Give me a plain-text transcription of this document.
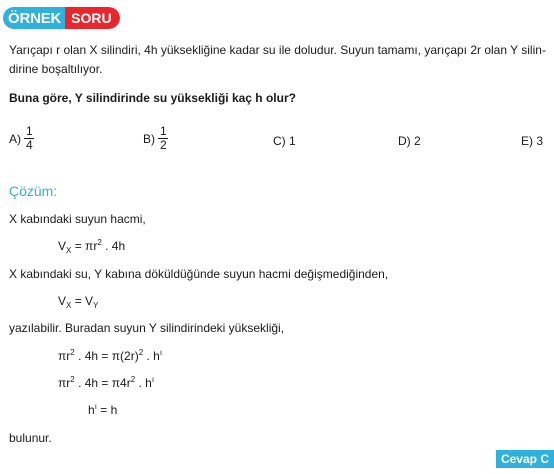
ÖRNEK SORU
Yarıçapı r olan X silindiri, 4h yüksekliğine kadar su ile doludur. Suyun tamamı, yarıçapı 2r olan Y silin-
dirine boşaltılıyor.
Buna göre, Y silindirinde su yüksekliği kaç h olur?
$A) \frac{1}{4}$	$B) \frac{1}{2}$	C) 1	D) 2	E) 3
Çözüm:
X kabındaki suyun hacmi,
$V_X = \pi r^2$ . 4h
X kabındaki su, Y kabına döküldüğünde suyun hacmi değişmediğinden,
$V_X = V_Y$
yazılabilir. Buradan suyun Y silindirindeki yüksekliği,
$\pi r^2$ . $4h = \pi(2r)^2$ . $h^ı$
$\pi r^2$ . $4h = \pi 4r^2$ . $h^ı$
$h^ı = h$
bulunur.
Cevap C
